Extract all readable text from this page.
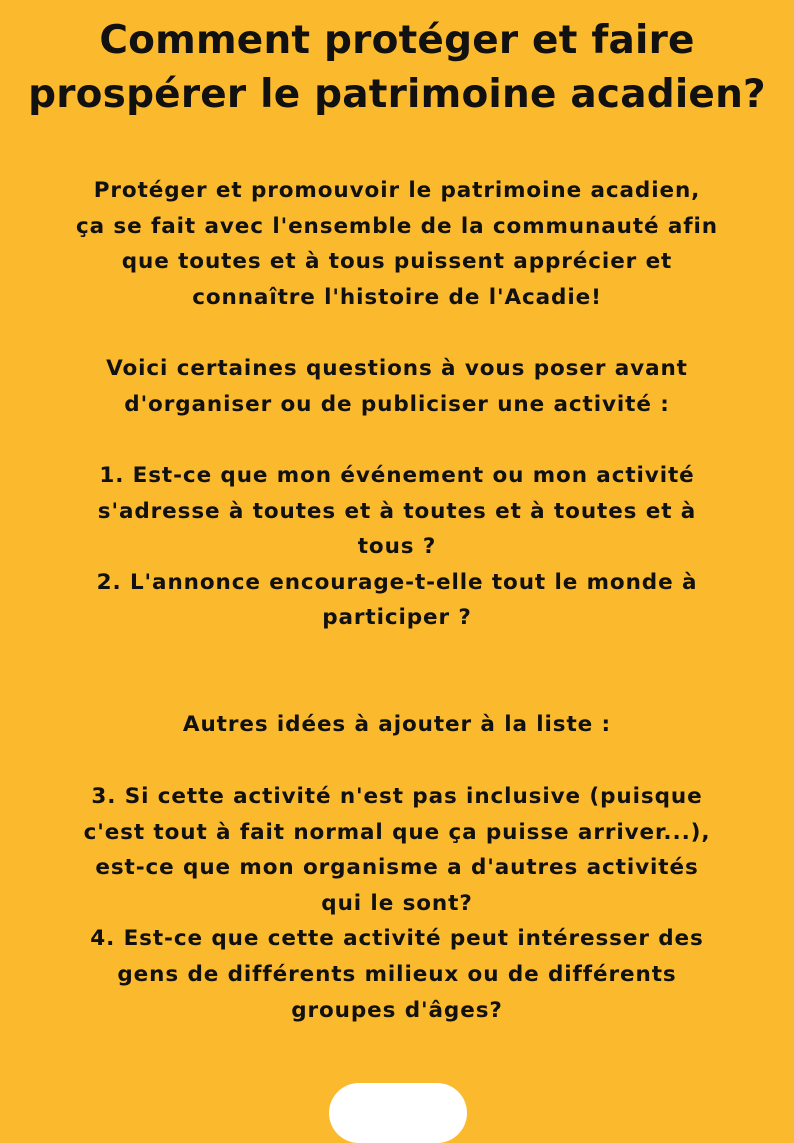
Comment protéger et faire
prospérer le patrimoine acadien?

Protéger et promouvoir le patrimoine acadien,

ça se fait avec l'ensemble de la communauté afin

que toutes et à tous puissent apprécier et

connaître l'histoire de l'Acadie!

Voici certaines questions à vous poser avant

d'organiser ou de publiciser une activité :

1. Est-ce que mon événement ou mon activité

s'adresse à toutes et à toutes et à toutes et à

tous ?

2. L'annonce encourage-t-elle tout le monde à

participer ?

Autres idées à ajouter à la liste :

3. Si cette activité n'est pas inclusive (puisque

c'est tout à fait normal que ça puisse arriver...),

est-ce que mon organisme a d'autres activités

qui le sont?

4. Est-ce que cette activité peut intéresser des

gens de différents milieux ou de différents

groupes d'âges?
